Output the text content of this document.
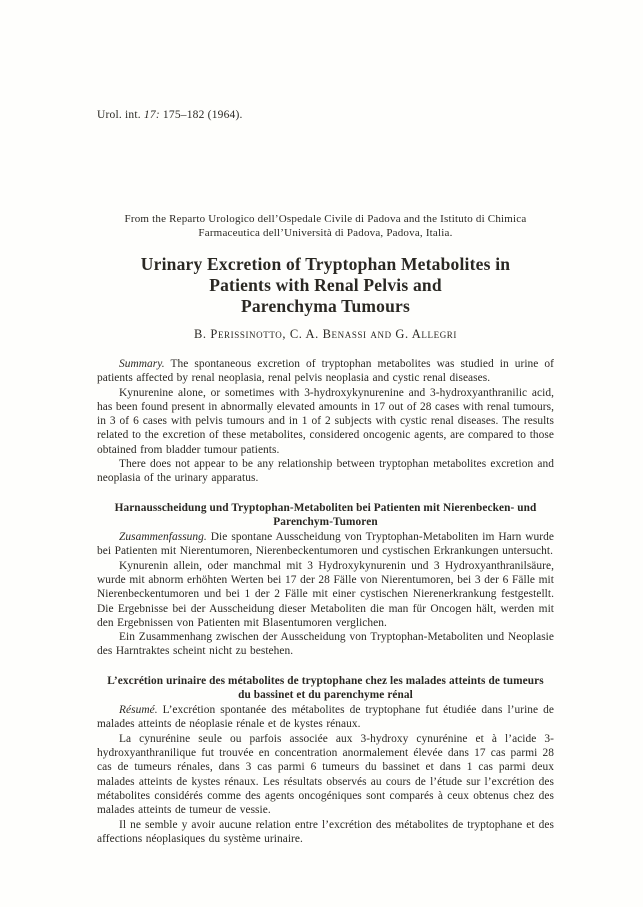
Urol. int. 17: 175–182 (1964).

From the Reparto Urologico dell’Ospedale Civile di Padova and the Istituto di Chimica Farmaceutica dell’Università di Padova, Padova, Italia.

Urinary Excretion of Tryptophan Metabolites in
Patients with Renal Pelvis and
Parenchyma Tumours

B. Perissinotto, C. A. Benassi and G. Allegri

Summary. The spontaneous excretion of tryptophan metabolites was studied in urine of patients affected by renal neoplasia, renal pelvis neoplasia and cystic renal diseases.

Kynurenine alone, or sometimes with 3-hydroxykynurenine and 3-hydroxyanthranilic acid, has been found present in abnormally elevated amounts in 17 out of 28 cases with renal tumours, in 3 of 6 cases with pelvis tumours and in 1 of 2 subjects with cystic renal diseases. The results related to the excretion of these metabolites, considered oncogenic agents, are compared to those obtained from bladder tumour patients.

There does not appear to be any relationship between tryptophan metabolites excretion and neoplasia of the urinary apparatus.

Harnausscheidung und Tryptophan-Metaboliten bei Patienten mit Nierenbecken- und
Parenchym-Tumoren

Zusammenfassung. Die spontane Ausscheidung von Tryptophan-Metaboliten im Harn wurde bei Patienten mit Nierentumoren, Nierenbeckentumoren und cystischen Erkrankungen untersucht.

Kynurenin allein, oder manchmal mit 3 Hydroxykynurenin und 3 Hydroxyanthranilsäure, wurde mit abnorm erhöhten Werten bei 17 der 28 Fälle von Nierentumoren, bei 3 der 6 Fälle mit Nierenbeckentumoren und bei 1 der 2 Fälle mit einer cystischen Nierenerkrankung festgestellt. Die Ergebnisse bei der Ausscheidung dieser Metaboliten die man für Oncogen hält, werden mit den Ergebnissen von Patienten mit Blasentumoren verglichen.

Ein Zusammenhang zwischen der Ausscheidung von Tryptophan-Metaboliten und Neoplasie des Harntraktes scheint nicht zu bestehen.

L’excrétion urinaire des métabolites de tryptophane chez les malades atteints de tumeurs
du bassinet et du parenchyme rénal

Résumé. L’excrétion spontanée des métabolites de tryptophane fut étudiée dans l’urine de malades atteints de néoplasie rénale et de kystes rénaux.

La cynurénine seule ou parfois associée aux 3-hydroxy cynurénine et à l’acide 3-hydroxyanthranilique fut trouvée en concentration anormalement élevée dans 17 cas parmi 28 cas de tumeurs rénales, dans 3 cas parmi 6 tumeurs du bassinet et dans 1 cas parmi deux malades atteints de kystes rénaux. Les résultats observés au cours de l’étude sur l’excrétion des métabolites considérés comme des agents oncogéniques sont comparés à ceux obtenus chez des malades atteints de tumeur de vessie.

Il ne semble y avoir aucune relation entre l’excrétion des métabolites de tryptophane et des affections néoplasiques du système urinaire.
